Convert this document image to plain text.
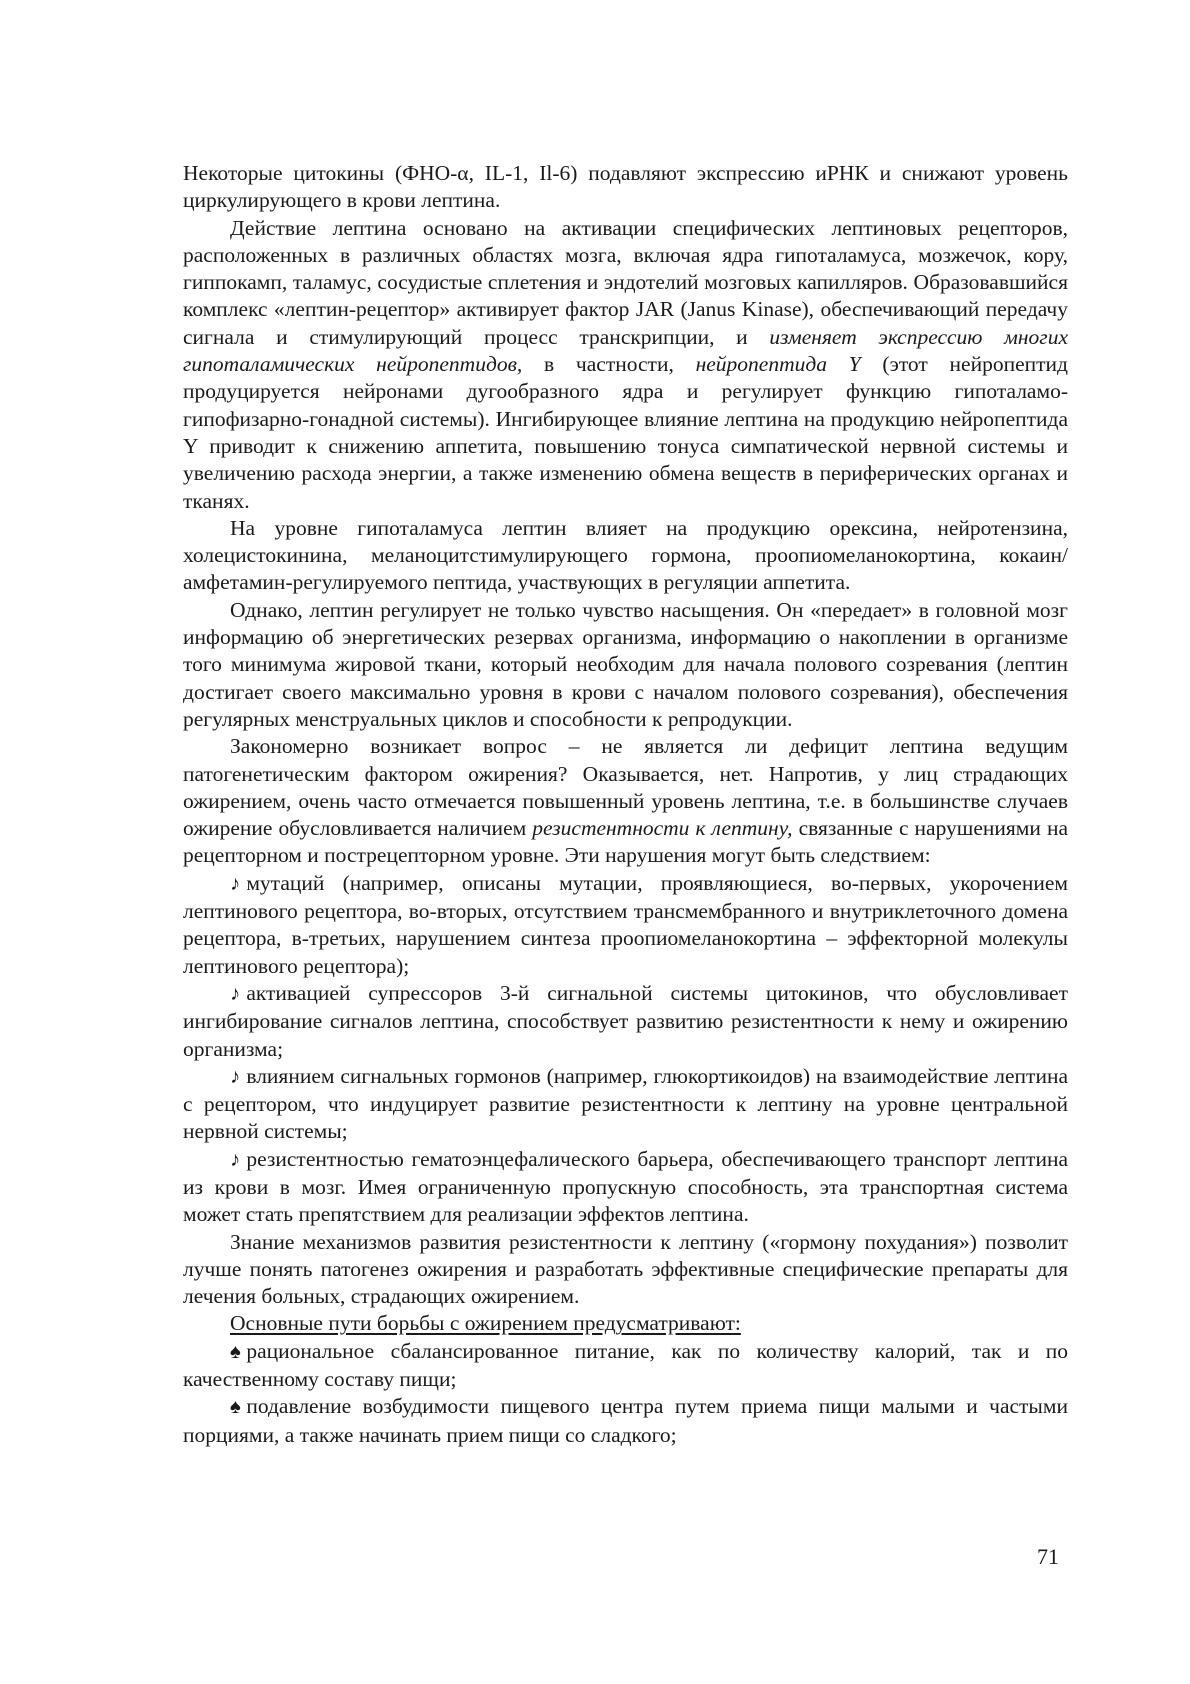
Некоторые цитокины (ФНО-α, IL-1, Il-6) подавляют экспрессию иРНК и снижают уровень циркулирующего в крови лептина.

Действие лептина основано на активации специфических лептиновых рецепторов, расположенных в различных областях мозга, включая ядра гипоталамуса, мозжечок, кору, гиппокамп, таламус, сосудистые сплетения и эндотелий мозговых капилляров. Образовавшийся комплекс «лептин-рецептор» активирует фактор JAR (Janus Kinase), обеспечивающий передачу сигнала и стимулирующий процесс транскрипции, и изменяет экспрессию многих гипоталамических нейропептидов, в частности, нейропептида Y (этот нейропептид продуцируется нейронами дугообразного ядра и регулирует функцию гипоталамо-гипофизарно-гонадной системы). Ингибирующее влияние лептина на продукцию нейропептида Y приводит к снижению аппетита, повышению тонуса симпатической нервной системы и увеличению расхода энергии, а также изменению обмена веществ в периферических органах и тканях.

На уровне гипоталамуса лептин влияет на продукцию орексина, нейротензина, холецистокинина, меланоцитстимулирующего гормона, проопиомеланокортина, кокаин/амфетамин-регулируемого пептида, участвующих в регуляции аппетита.

Однако, лептин регулирует не только чувство насыщения. Он «передает» в головной мозг информацию об энергетических резервах организма, информацию о накоплении в организме того минимума жировой ткани, который необходим для начала полового созревания (лептин достигает своего максимально уровня в крови с началом полового созревания), обеспечения регулярных менструальных циклов и способности к репродукции.

Закономерно возникает вопрос – не является ли дефицит лептина ведущим патогенетическим фактором ожирения? Оказывается, нет. Напротив, у лиц страдающих ожирением, очень часто отмечается повышенный уровень лептина, т.е. в большинстве случаев ожирение обусловливается наличием резистентности к лептину, связанные с нарушениями на рецепторном и пострецепторном уровне. Эти нарушения могут быть следствием:

♪ мутаций (например, описаны мутации, проявляющиеся, во-первых, укорочением лептинового рецептора, во-вторых, отсутствием трансмембранного и внутриклеточного домена рецептора, в-третьих, нарушением синтеза проопиомеланокортина – эффекторной молекулы лептинового рецептора);

♪ активацией супрессоров 3-й сигнальной системы цитокинов, что обусловливает ингибирование сигналов лептина, способствует развитию резистентности к нему и ожирению организма;

♪ влиянием сигнальных гормонов (например, глюкортикоидов) на взаимодействие лептина с рецептором, что индуцирует развитие резистентности к лептину на уровне центральной нервной системы;

♪ резистентностью гематоэнцефалического барьера, обеспечивающего транспорт лептина из крови в мозг. Имея ограниченную пропускную способность, эта транспортная система может стать препятствием для реализации эффектов лептина.

Знание механизмов развития резистентности к лептину («гормону похудания») позволит лучше понять патогенез ожирения и разработать эффективные специфические препараты для лечения больных, страдающих ожирением.

Основные пути борьбы с ожирением предусматривают:

♠ рациональное сбалансированное питание, как по количеству калорий, так и по качественному составу пищи;

♠ подавление возбудимости пищевого центра путем приема пищи малыми и частыми порциями, а также начинать прием пищи со сладкого;

71
